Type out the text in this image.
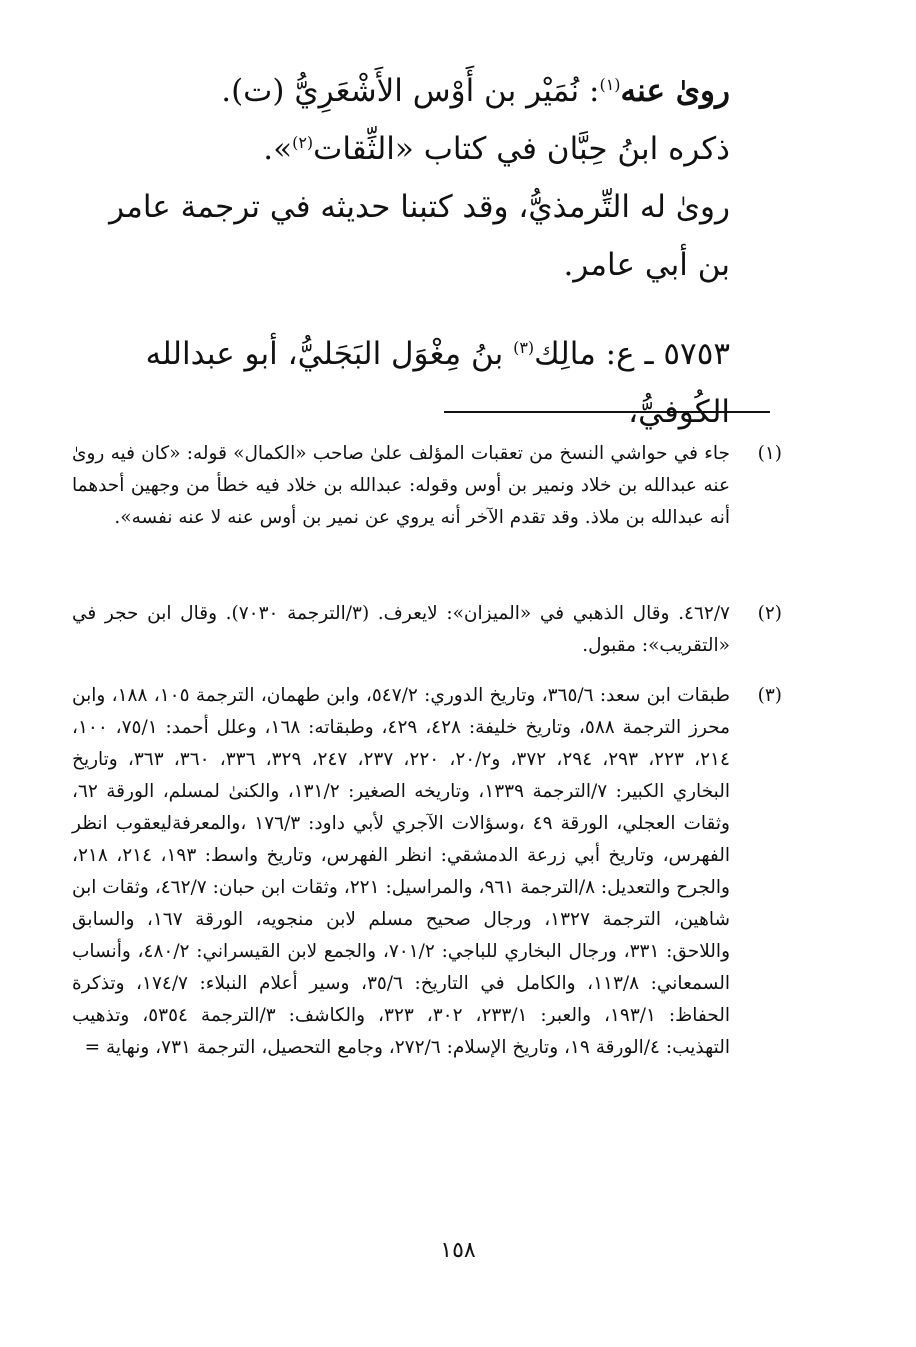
روىٰ عنه$^{(١)}$: نُمَيْر بن أَوْس الأَشْعَرِيُّ (ت).

ذكره ابنُ حِبَّان في كتاب «الثِّقات$^{(٢)}$».

روىٰ له التِّرمذيُّ، وقد كتبنا حديثه في ترجمة عامر بن أبي عامر.

٥٧٥٣ ـ ع: مالِك$^{(٣)}$ بنُ مِغْوَل البَجَليُّ، أبو عبدالله الكُوفيُّ،
(١)
جاء في حواشي النسخ من تعقبات المؤلف علىٰ صاحب «الكمال» قوله: «كان فيه روىٰ عنه عبدالله بن خلاد ونمير بن أوس وقوله: عبدالله بن خلاد فيه خطأ من وجهين أحدهما أنه عبدالله بن ملاذ. وقد تقدم الآخر أنه يروي عن نمير بن أوس عنه لا عنه نفسه».
(٢)
٤٦٢/٧. وقال الذهبي في «الميزان»: لايعرف. (٣/الترجمة ٧٠٣٠). وقال ابن حجر في «التقريب»: مقبول.
(٣)
طبقات ابن سعد: ٣٦٥/٦، وتاريخ الدوري: ٥٤٧/٢، وابن طهمان، الترجمة ١٠٥، ١٨٨، وابن محرز الترجمة ٥٨٨، وتاريخ خليفة: ٤٢٨، ٤٢٩، وطبقاته: ١٦٨، وعلل أحمد: ٧٥/١، ١٠٠، ٢١٤، ٢٢٣، ٢٩٣، ٢٩٤، ٣٧٢، و٢٠/٢، ٢٢٠، ٢٣٧، ٢٤٧، ٣٢٩، ٣٣٦، ٣٦٠، ٣٦٣، وتاريخ البخاري الكبير: ٧/الترجمة ١٣٣٩، وتاريخه الصغير: ١٣١/٢، والكنىٰ لمسلم، الورقة ٦٢، وثقات العجلي، الورقة ٤٩ ،وسؤالات الآجري لأبي داود: ١٧٦/٣ ،والمعرفةليعقوب انظر الفهرس، وتاريخ أبي زرعة الدمشقي: انظر الفهرس، وتاريخ واسط: ١٩٣، ٢١٤، ٢١٨، والجرح والتعديل: ٨/الترجمة ٩٦١، والمراسيل: ٢٢١، وثقات ابن حبان: ٤٦٢/٧، وثقات ابن شاهين، الترجمة ١٣٢٧، ورجال صحيح مسلم لابن منجويه، الورقة ١٦٧، والسابق واللاحق: ٣٣١، ورجال البخاري للباجي: ٧٠١/٢، والجمع لابن القيسراني: ٤٨٠/٢، وأنساب السمعاني: ١١٣/٨، والكامل في التاريخ: ٣٥/٦، وسير أعلام النبلاء: ١٧٤/٧، وتذكرة الحفاظ: ١٩٣/١، والعبر: ٢٣٣/١، ٣٠٢، ٣٢٣، والكاشف: ٣/الترجمة ٥٣٥٤، وتذهيب التهذيب: ٤/الورقة ١٩، وتاريخ الإسلام: ٢٧٢/٦، وجامع التحصيل، الترجمة ٧٣١، ونهاية =
١٥٨
